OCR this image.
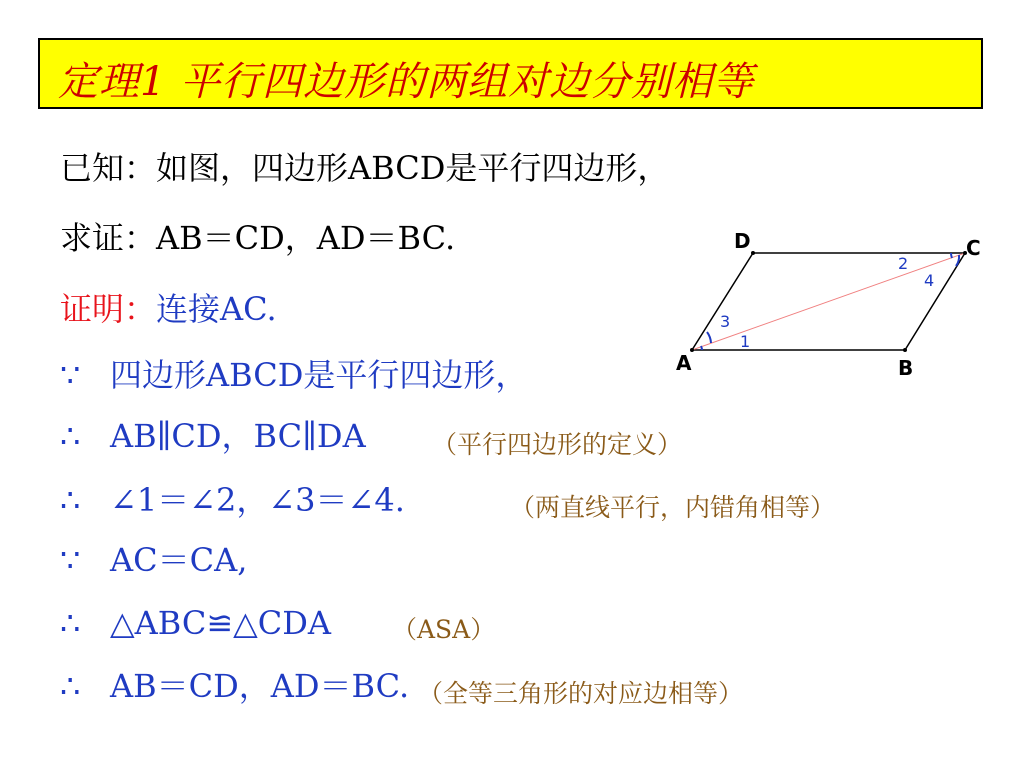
定理1 平行四边形的两组对边分别相等
已知：如图，四边形ABCD是平行四边形，
求证：AB＝CD，AD＝BC.
证明：连接AC.
∵ 四边形ABCD是平行四边形，
∴ AB∥CD，BC∥DA	（平行四边形的定义）
∴ ∠1＝∠2，∠3＝∠4.	（两直线平行，内错角相等）
∵ AC＝CA,
∴ △ABC≌△CDA （ASA）
∴ AB＝CD，AD＝BC. （全等三角形的对应边相等）
1
2
3
4
A	B
C
D
